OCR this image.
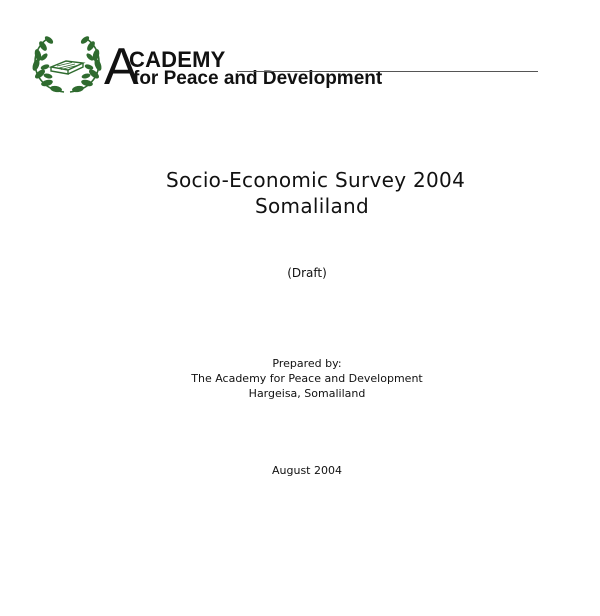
A
CADEMY
for Peace and Development
Socio-Economic Survey 2004
Somaliland
(Draft)
Prepared by:
The Academy for Peace and Development
Hargeisa, Somaliland
August 2004
